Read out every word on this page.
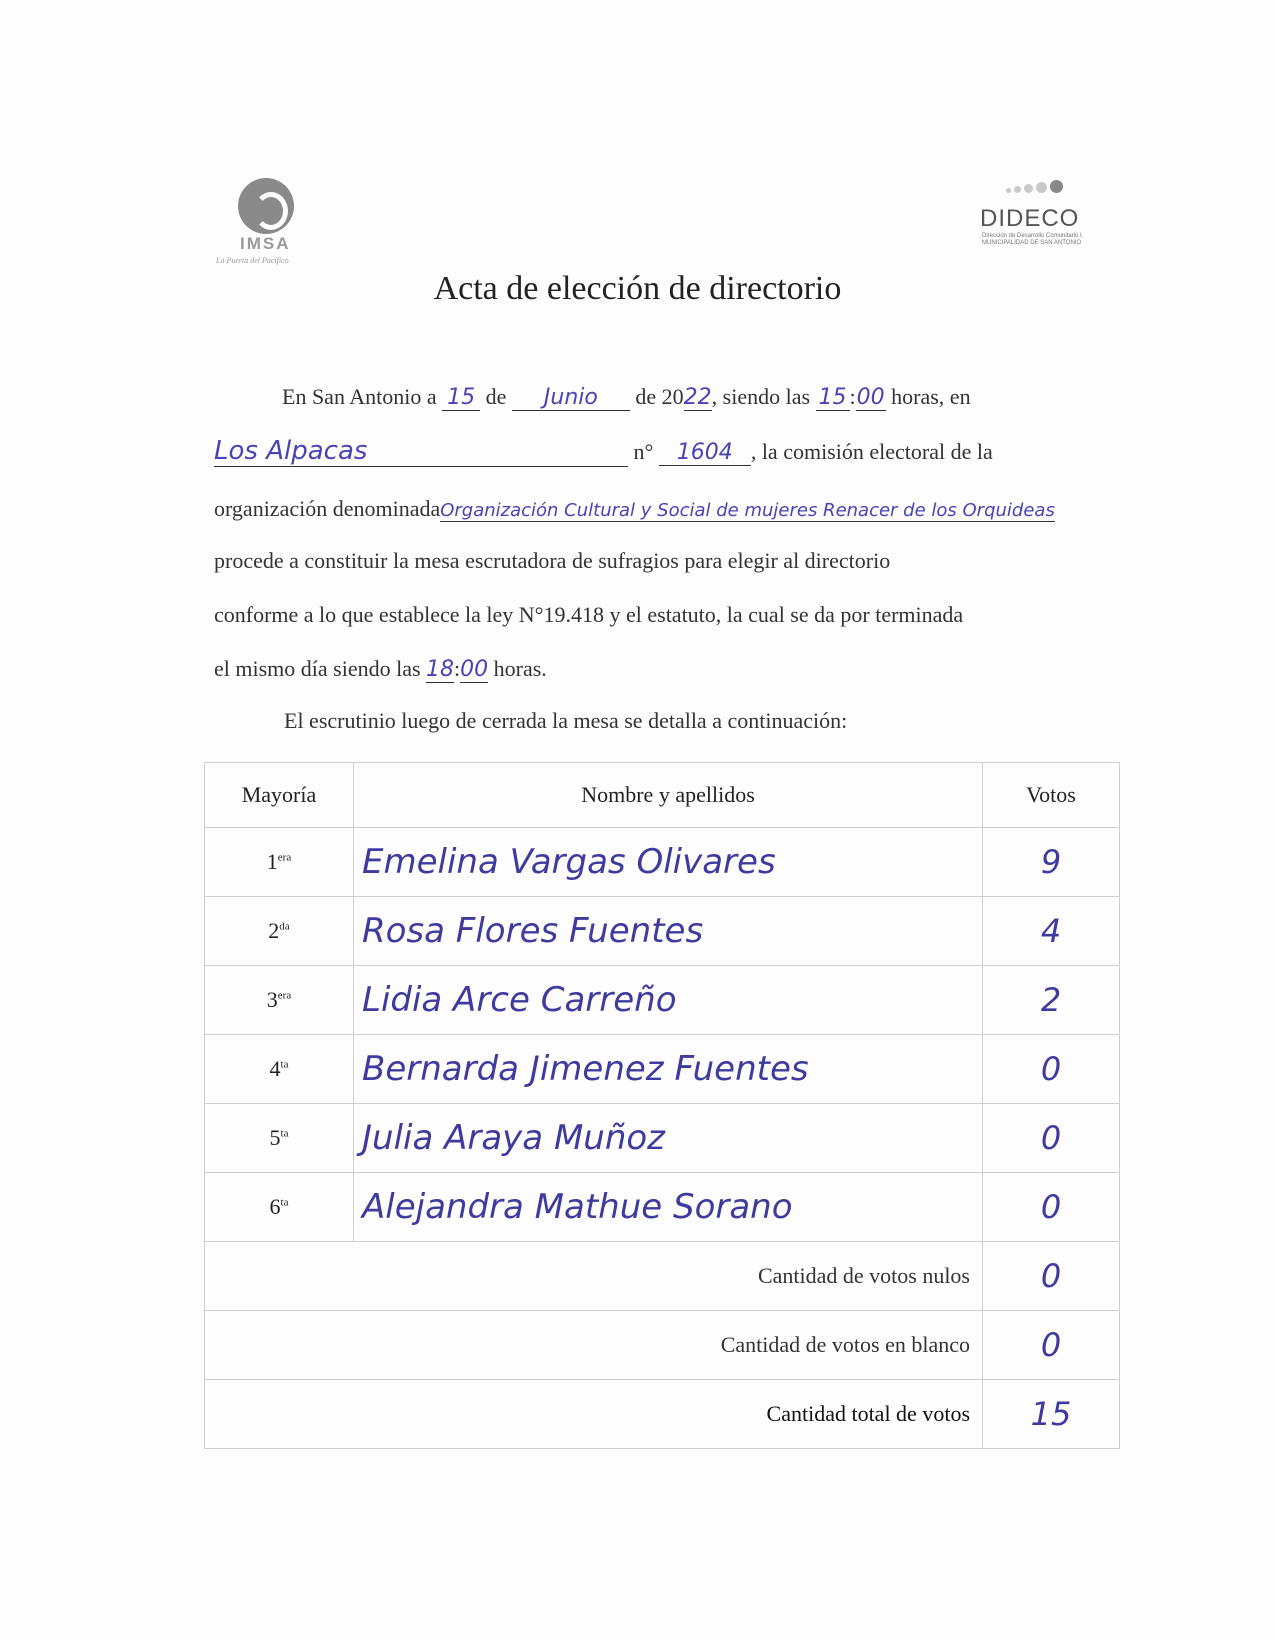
IMSA
La Puerta del Pacífico
DIDECO
Dirección de Desarrollo Comunitario I. MUNICIPALIDAD DE SAN ANTONIO
Acta de elección de directorio
En San Antonio a 15 de Junio de 2022, siendo las 15 :00 horas, en
Los Alpacas	n° 1604 , la comisión electoral de la
organización denominadaOrganización Cultural y Social de mujeres Renacer de los Orquideas
procede a constituir la mesa escrutadora de sufragios para elegir al directorio
conforme a lo que establece la ley N°19.418 y el estatuto, la cual se da por terminada
el mismo día siendo las 18:00 horas.
El escrutinio luego de cerrada la mesa se detalla a continuación:
Mayoría	Nombre y apellidos	Votos
$1^{era}$	Emelina Vargas Olivares	9
$2^{da}$	Rosa Flores Fuentes	4
$3^{era}$	Lidia Arce Carreño	2
$4^{ta}$	Bernarda Jimenez Fuentes	0
$5^{ta}$	Julia Araya Muñoz	0
$6^{ta}$	Alejandra Mathue Sorano	0
Cantidad de votos nulos		0
Cantidad de votos en blanco		0
Cantidad total de votos		15
